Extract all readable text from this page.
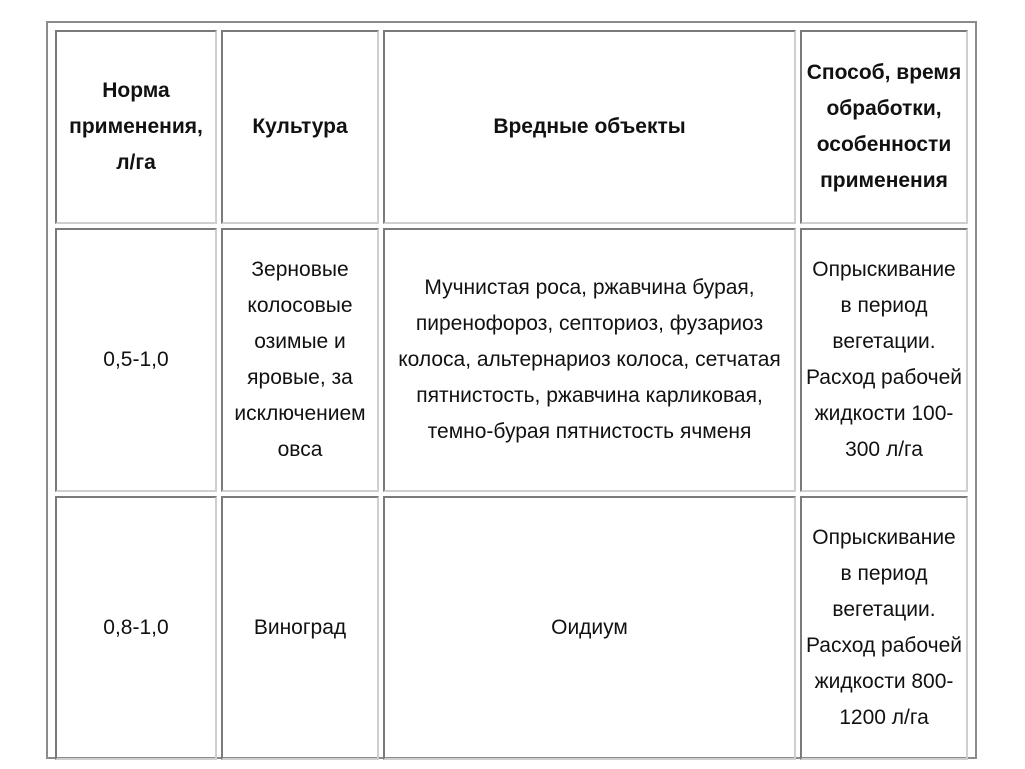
Норма применения, л/га	Культура	Вредные объекты	Способ, время обработки, особенности применения
0,5-1,0	Зерновые колосовые озимые и яровые, за исключением овса	Мучнистая роса, ржавчина бурая, пиренофороз, септориоз, фузариоз колоса, альтернариоз колоса, сетчатая пятнистость, ржавчина карликовая, темно-бурая пятнистость ячменя	Опрыскивание в период вегетации. Расход рабочей жидкости 100-300 л/га
0,8-1,0	Виноград	Оидиум	Опрыскивание в период вегетации. Расход рабочей жидкости 800-1200 л/га
